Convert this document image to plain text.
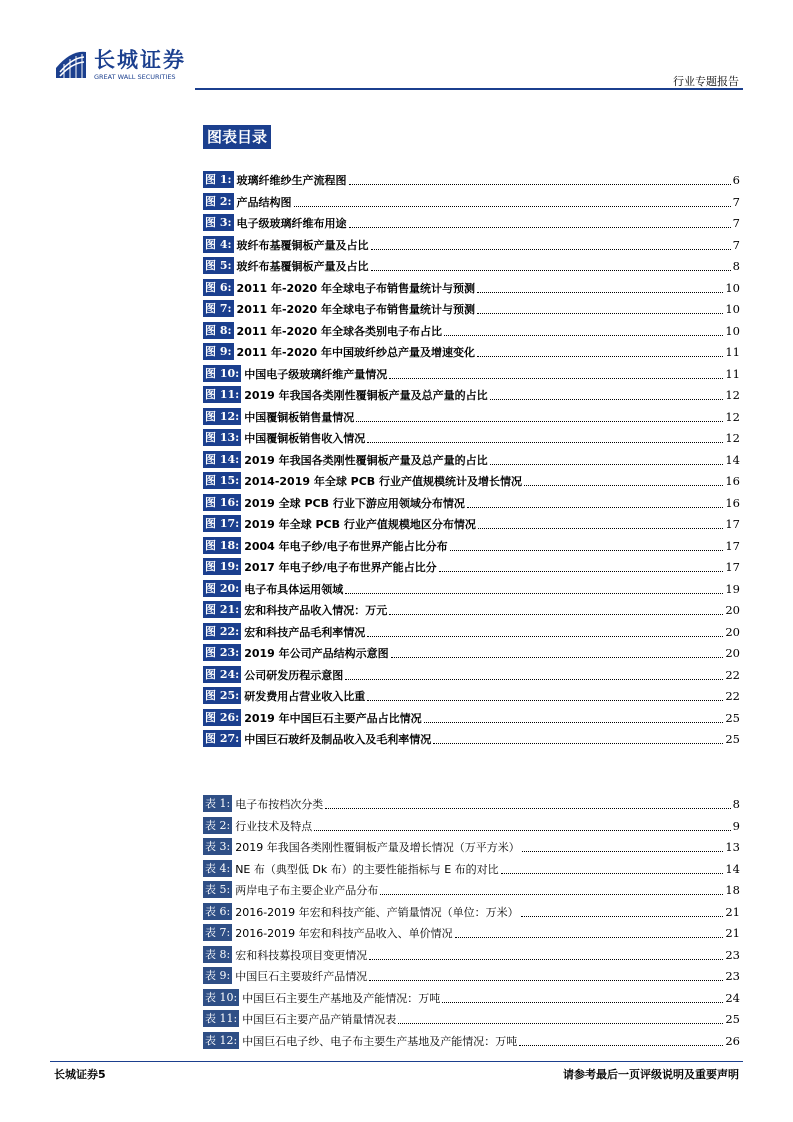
长城证券
GREAT WALL SECURITIES	行业专题报告
图表目录
图 1: 玻璃纤维纱生产流程图	6
图 2: 产品结构图	7
图 3: 电子级玻璃纤维布用途	7
图 4: 玻纤布基覆铜板产量及占比	7
图 5: 玻纤布基覆铜板产量及占比	8
图 6: 2011 年-2020 年全球电子布销售量统计与预测	10
图 7: 2011 年-2020 年全球电子布销售量统计与预测	10
图 8: 2011 年-2020 年全球各类别电子布占比	10
图 9: 2011 年-2020 年中国玻纤纱总产量及增速变化	11
图 10: 中国电子级玻璃纤维产量情况	11
图 11: 2019 年我国各类刚性覆铜板产量及总产量的占比	12
图 12: 中国覆铜板销售量情况	12
图 13: 中国覆铜板销售收入情况	12
图 14: 2019 年我国各类刚性覆铜板产量及总产量的占比	14
图 15: 2014-2019 年全球 PCB 行业产值规模统计及增长情况	16
图 16: 2019 全球 PCB 行业下游应用领域分布情况	16
图 17: 2019 年全球 PCB 行业产值规模地区分布情况	17
图 18: 2004 年电子纱/电子布世界产能占比分布	17
图 19: 2017 年电子纱/电子布世界产能占比分	17
图 20: 电子布具体运用领域	19
图 21: 宏和科技产品收入情况：万元	20
图 22: 宏和科技产品毛利率情况	20
图 23: 2019 年公司产品结构示意图	20
图 24: 公司研发历程示意图	22
图 25: 研发费用占营业收入比重	22
图 26: 2019 年中国巨石主要产品占比情况	25
图 27: 中国巨石玻纤及制品收入及毛利率情况	25
表 1: 电子布按档次分类	8
表 2: 行业技术及特点	9
表 3: 2019 年我国各类刚性覆铜板产量及增长情况（万平方米）	13
表 4: NE 布（典型低 Dk 布）的主要性能指标与 E 布的对比	14
表 5: 两岸电子布主要企业产品分布	18
表 6: 2016-2019 年宏和科技产能、产销量情况（单位：万米）	21
表 7: 2016-2019 年宏和科技产品收入、单价情况	21
表 8: 宏和科技募投项目变更情况	23
表 9: 中国巨石主要玻纤产品情况	23
表 10: 中国巨石主要生产基地及产能情况：万吨	24
表 11: 中国巨石主要产品产销量情况表	25
表 12: 中国巨石电子纱、电子布主要生产基地及产能情况：万吨	26
长城证券5	请参考最后一页评级说明及重要声明
